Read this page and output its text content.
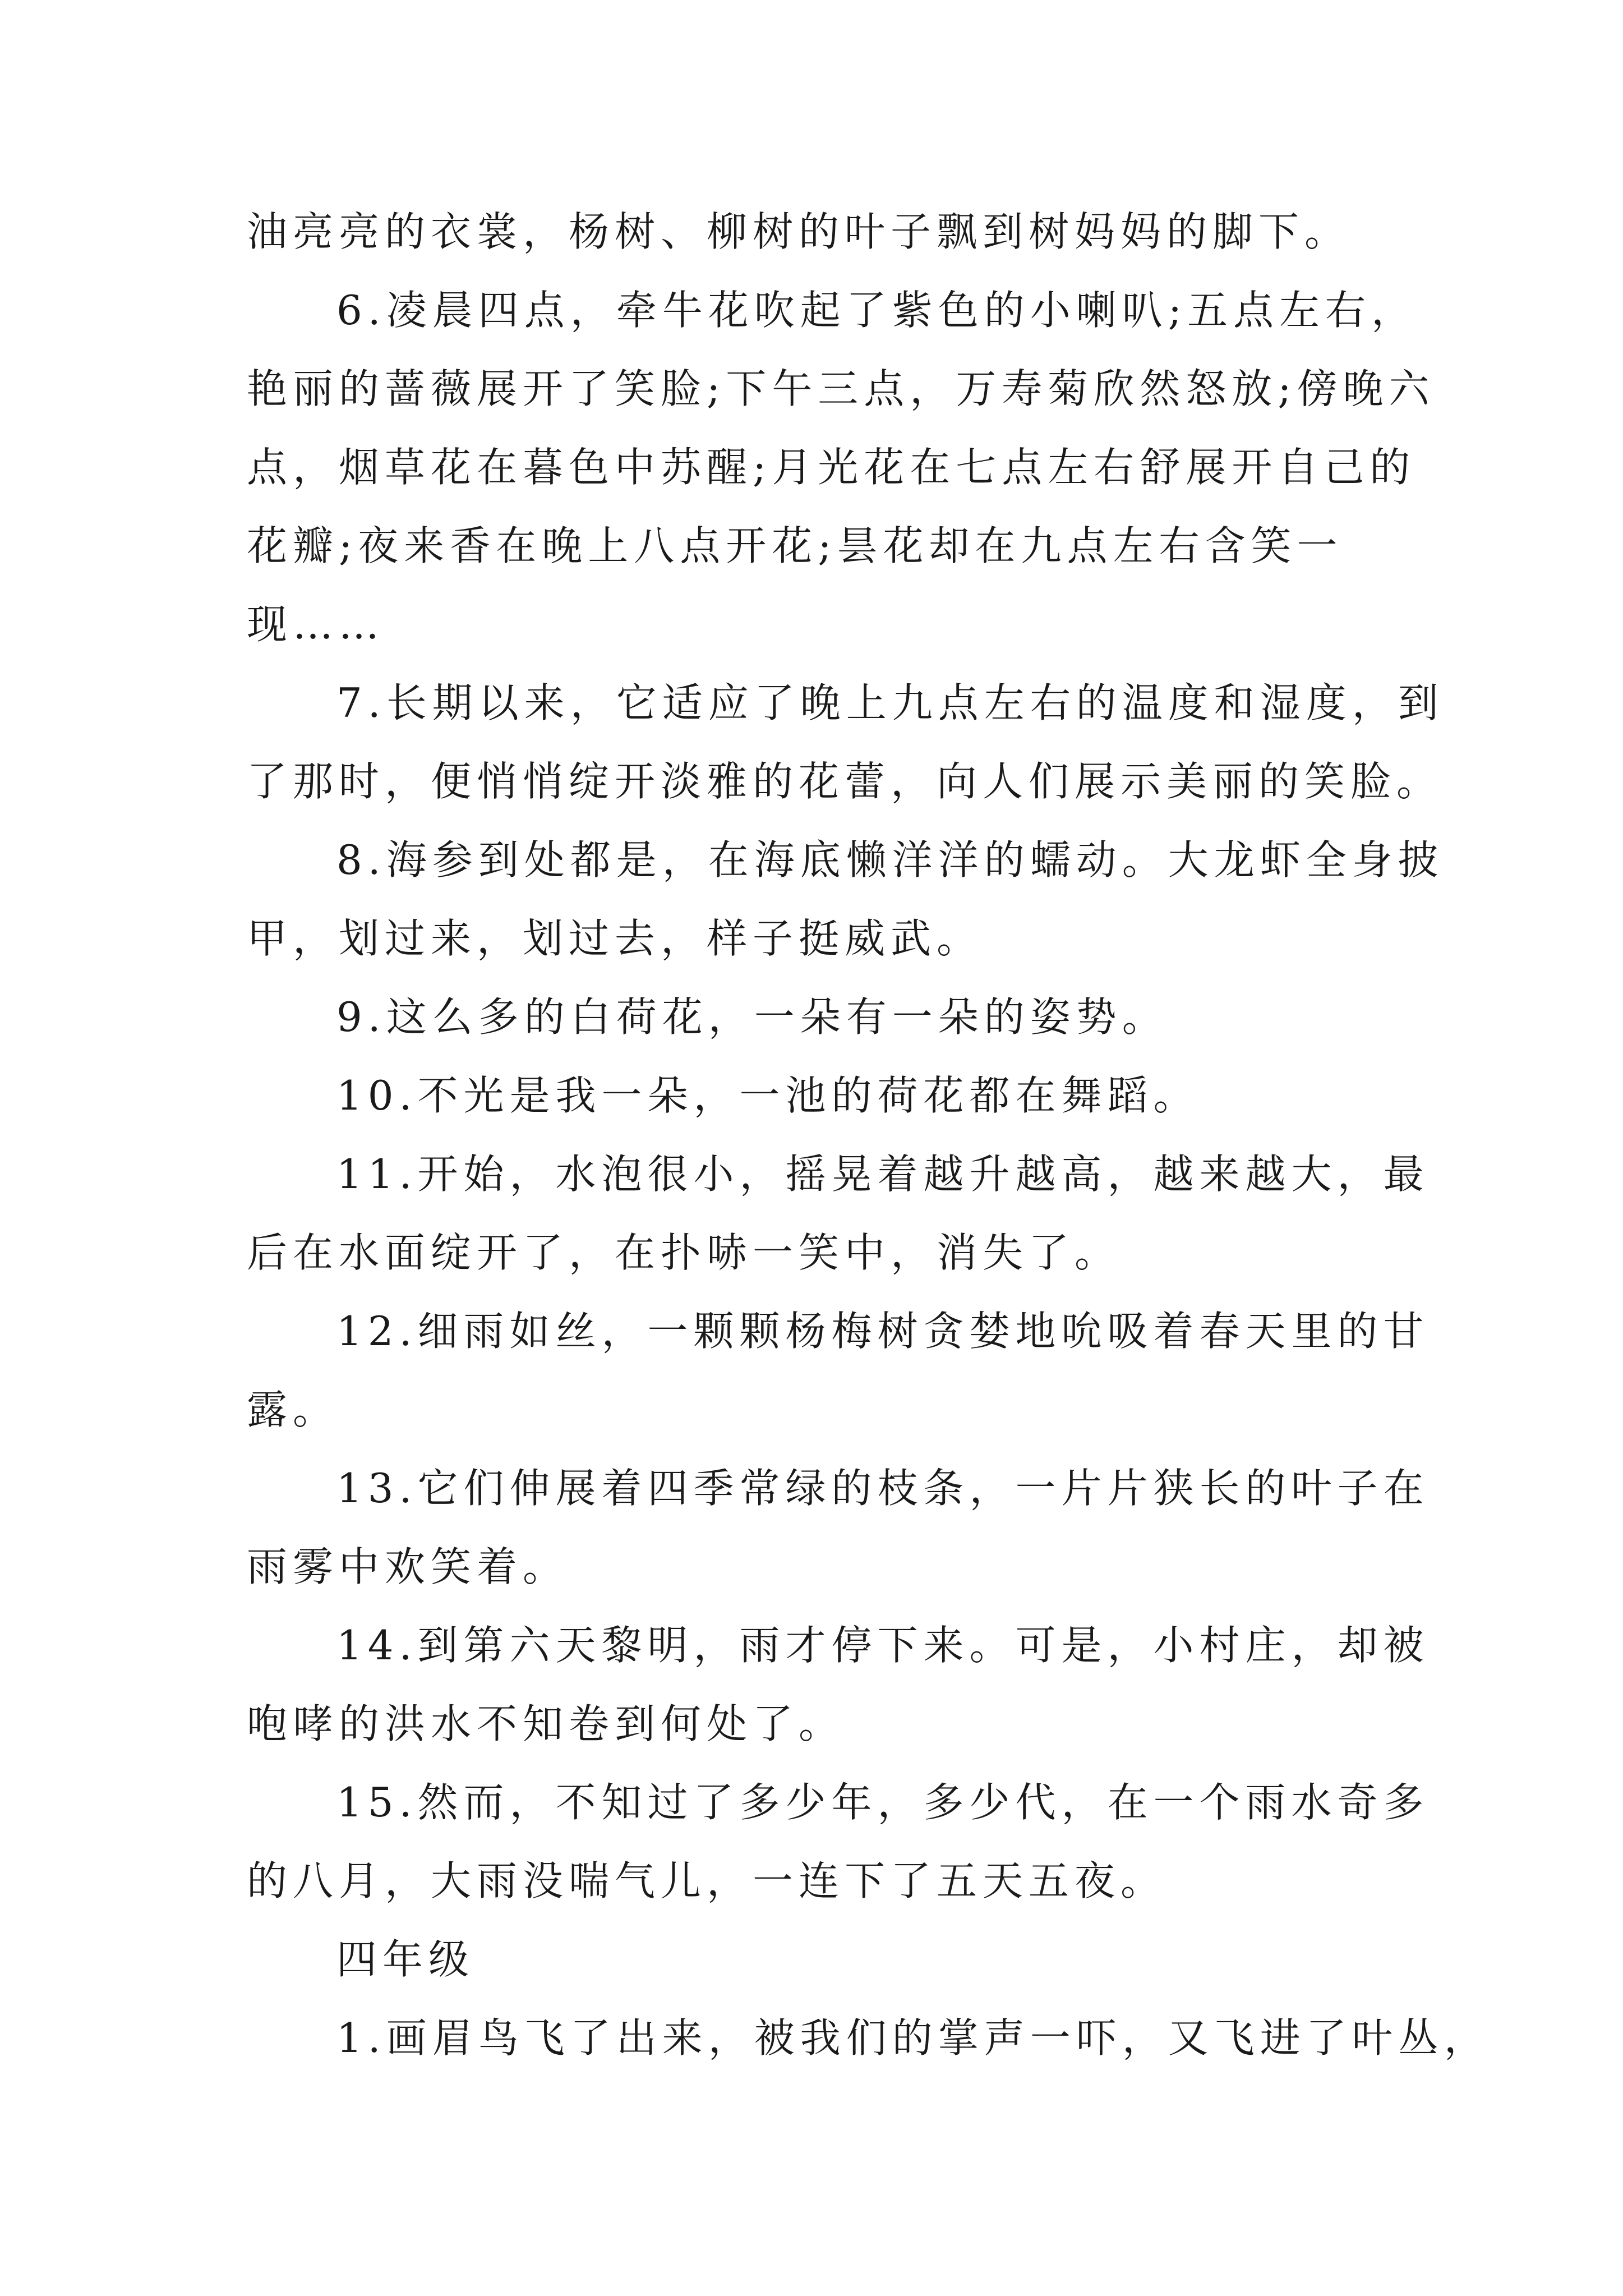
油亮亮的衣裳，杨树、柳树的叶子飘到树妈妈的脚下。
6.凌晨四点，牵牛花吹起了紫色的小喇叭;五点左右，
艳丽的蔷薇展开了笑脸;下午三点，万寿菊欣然怒放;傍晚六
点，烟草花在暮色中苏醒;月光花在七点左右舒展开自己的
花瓣;夜来香在晚上八点开花;昙花却在九点左右含笑一
现……
7.长期以来，它适应了晚上九点左右的温度和湿度，到
了那时，便悄悄绽开淡雅的花蕾，向人们展示美丽的笑脸。
8.海参到处都是，在海底懒洋洋的蠕动。大龙虾全身披
甲，划过来，划过去，样子挺威武。
9.这么多的白荷花，一朵有一朵的姿势。
10.不光是我一朵，一池的荷花都在舞蹈。
11.开始，水泡很小，摇晃着越升越高，越来越大，最
后在水面绽开了，在扑哧一笑中，消失了。
12.细雨如丝，一颗颗杨梅树贪婪地吮吸着春天里的甘
露。
13.它们伸展着四季常绿的枝条，一片片狭长的叶子在
雨雾中欢笑着。
14.到第六天黎明，雨才停下来。可是，小村庄，却被
咆哮的洪水不知卷到何处了。
15.然而，不知过了多少年，多少代，在一个雨水奇多
的八月，大雨没喘气儿，一连下了五天五夜。
四年级
1.画眉鸟飞了出来，被我们的掌声一吓，又飞进了叶丛，
